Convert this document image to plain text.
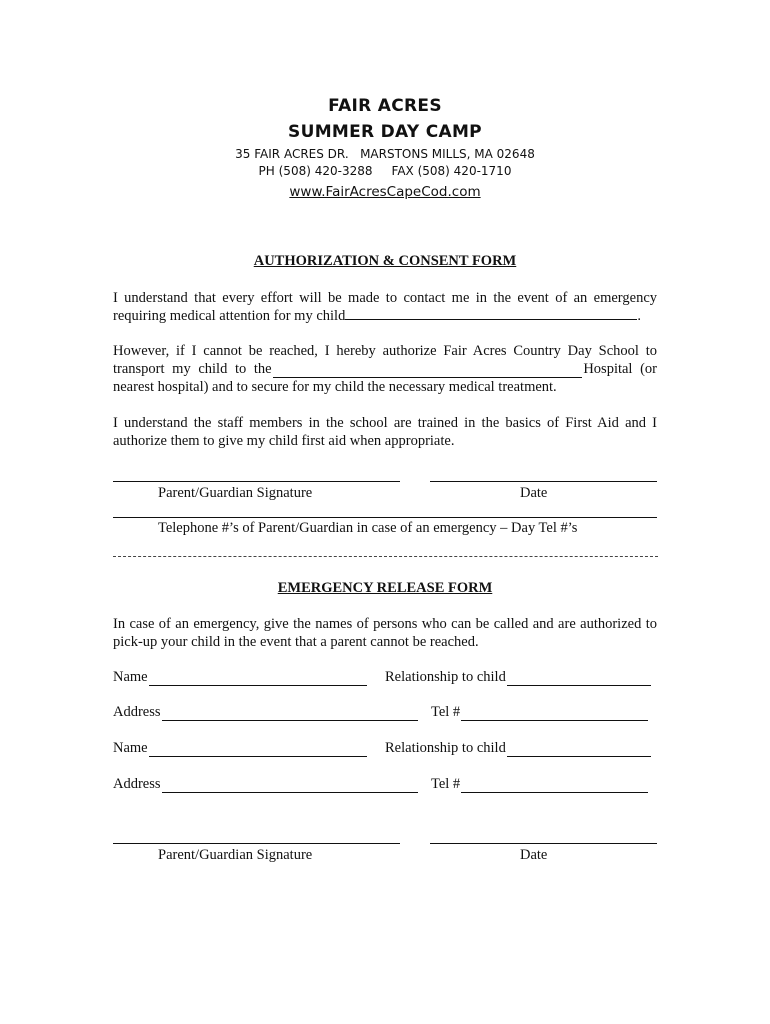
FAIR ACRES
SUMMER DAY CAMP
35 FAIR ACRES DR.   MARSTONS MILLS, MA 02648
PH (508) 420-3288     FAX (508) 420-1710
www.FairAcresCapeCod.com
AUTHORIZATION & CONSENT FORM
I understand that every effort will be made to contact me in the event of an emergency
requiring medical attention for my child	.
However, if I cannot be reached, I hereby authorize Fair Acres Country Day School to
transport my child to the	Hospital (or
nearest hospital) and to secure for my child the necessary medical treatment.
I understand the staff members in the school are trained in the basics of First Aid and I authorize them to give my child first aid when appropriate.
Parent/Guardian Signature	Date
Telephone #’s of Parent/Guardian in case of an emergency – Day Tel #’s
EMERGENCY RELEASE FORM
In case of an emergency, give the names of persons who can be called and are authorized to pick-up your child in the event that a parent cannot be reached.
Name	Relationship to child
Address	Tel #
Name	Relationship to child
Address	Tel #
Parent/Guardian Signature	Date
